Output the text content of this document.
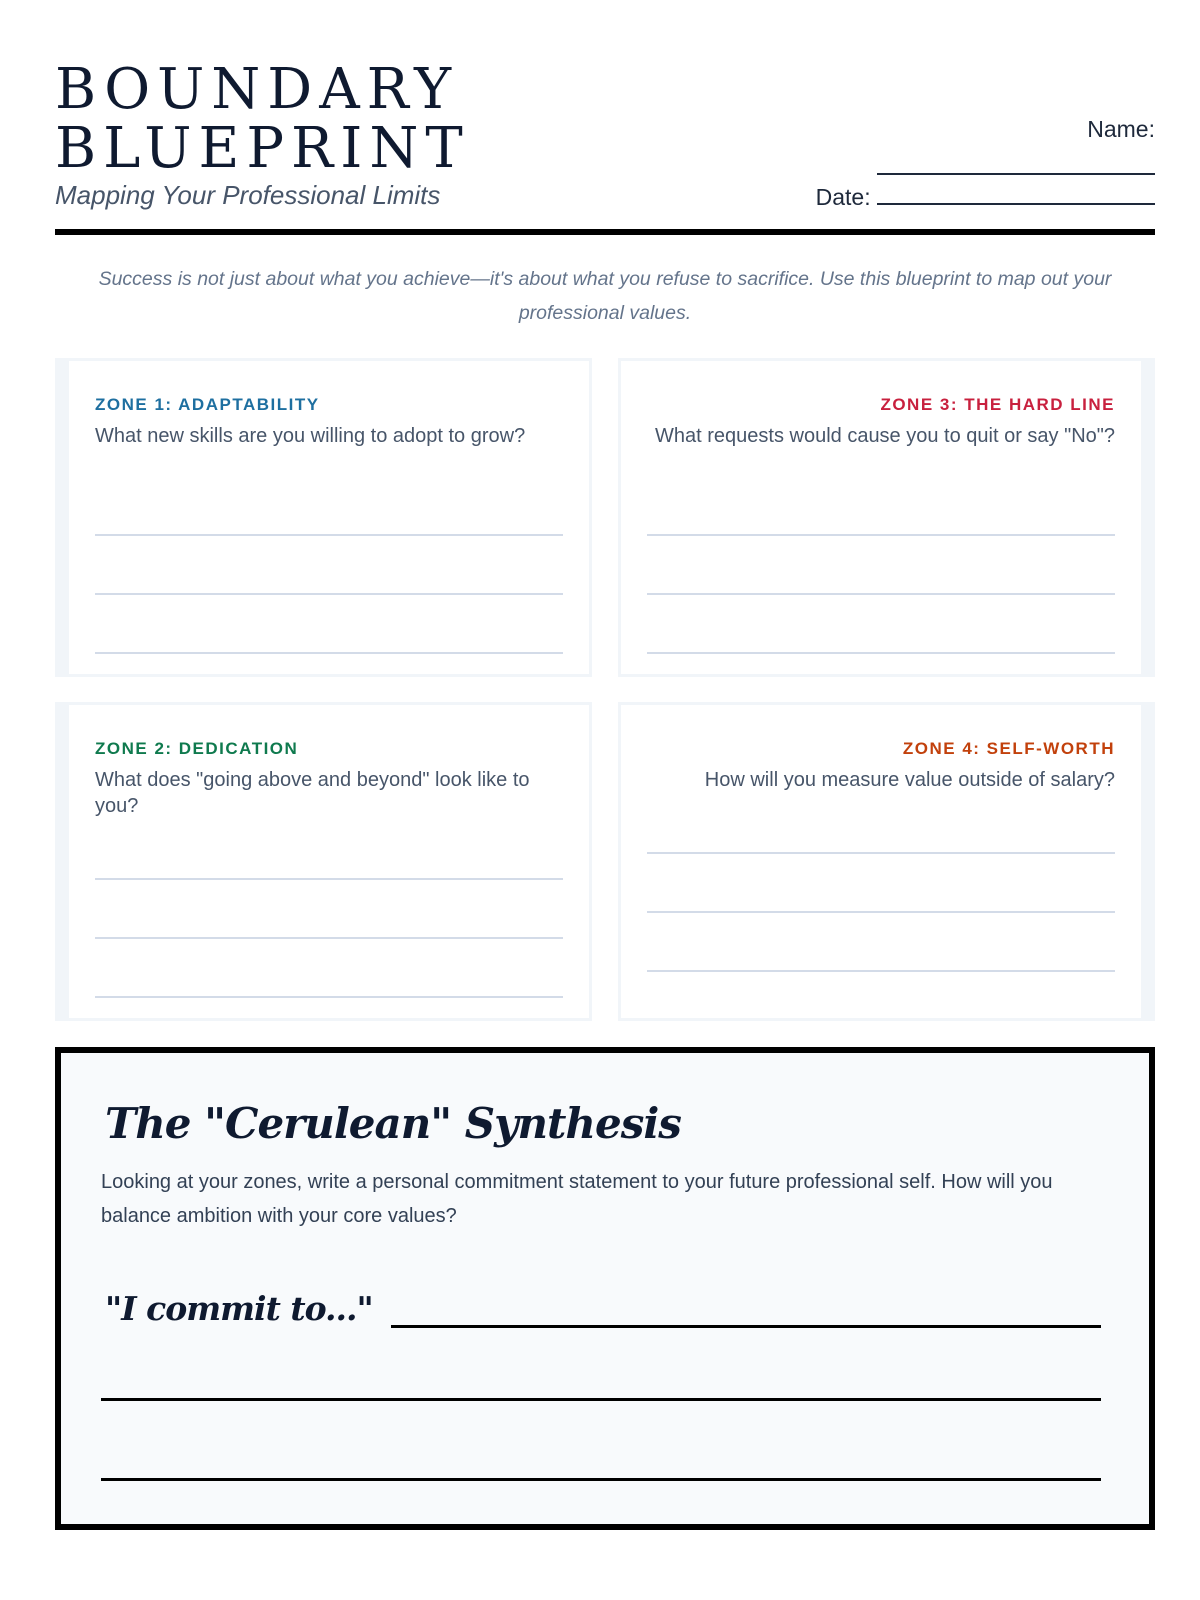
BOUNDARY
BLUEPRINT
Mapping Your Professional Limits
Name:
Date:
Success is not just about what you achieve—it's about what you refuse to sacrifice. Use this blueprint to map out your professional values.
ZONE 1: ADAPTABILITY
What new skills are you willing to adopt to grow?
ZONE 3: THE HARD LINE
What requests would cause you to quit or say "No"?
ZONE 2: DEDICATION
What does "going above and beyond" look like to you?
ZONE 4: SELF-WORTH
How will you measure value outside of salary?
The "Cerulean" Synthesis
Looking at your zones, write a personal commitment statement to your future professional self. How will you balance ambition with your core values?
"I commit to..."
